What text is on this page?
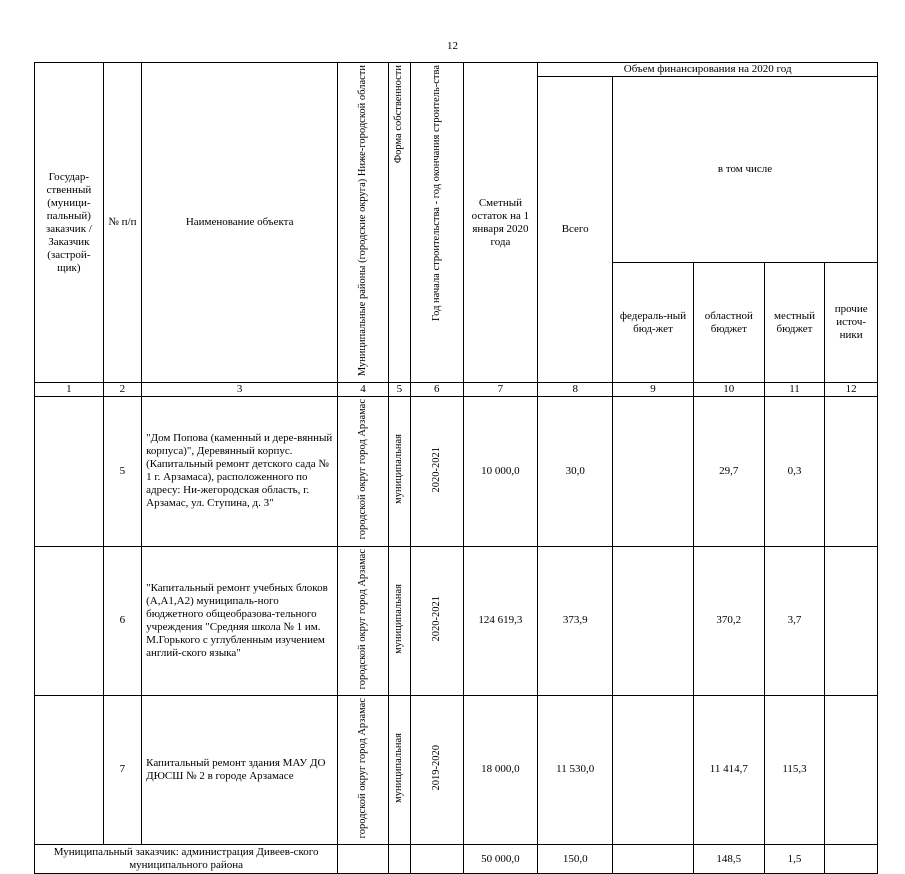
12
Государ-ственный (муници-пальный) заказчик / Заказчик (застрой-щик)	№ п/п	Наименование объекта	Муниципальные районы (городские округа) Ниже-городской области	Форма собственности	Год начала строительства - год окончания строитель-ства	Сметный остаток на 1 января 2020 года	Объем финансирования на 2020 год				
							Всего	в том числе			
								федераль-ный бюд-жет	областной бюджет	местный бюджет	прочие источ-ники
1	2	3	4	5	6	7	8	9	10	11	12
	5	"Дом Попова (каменный и дере-вянный корпуса)", Деревянный корпус. (Капитальный ремонт детского сада № 1 г. Арзамаса), расположенного по адресу: Ни-жегородская область, г. Арзамас, ул. Ступина, д. 3"	городской округ город Арзамас	муниципальная	2020-2021	10 000,0	30,0		29,7	0,3	
	6	"Капитальный ремонт учебных блоков (А,А1,А2) муниципаль-ного бюджетного общеобразова-тельного учреждения "Средняя школа № 1 им. М.Горького с углубленным изучением англий-ского языка"	городской округ город Арзамас	муниципальная	2020-2021	124 619,3	373,9		370,2	3,7	
	7	Капитальный ремонт здания МАУ ДО ДЮСШ № 2 в городе Арзамасе	городской округ город Арзамас	муниципальная	2019-2020	18 000,0	11 530,0		11 414,7	115,3	
Муниципальный заказчик: администрация Дивеев-ского муниципального района						50 000,0	150,0		148,5	1,5	
